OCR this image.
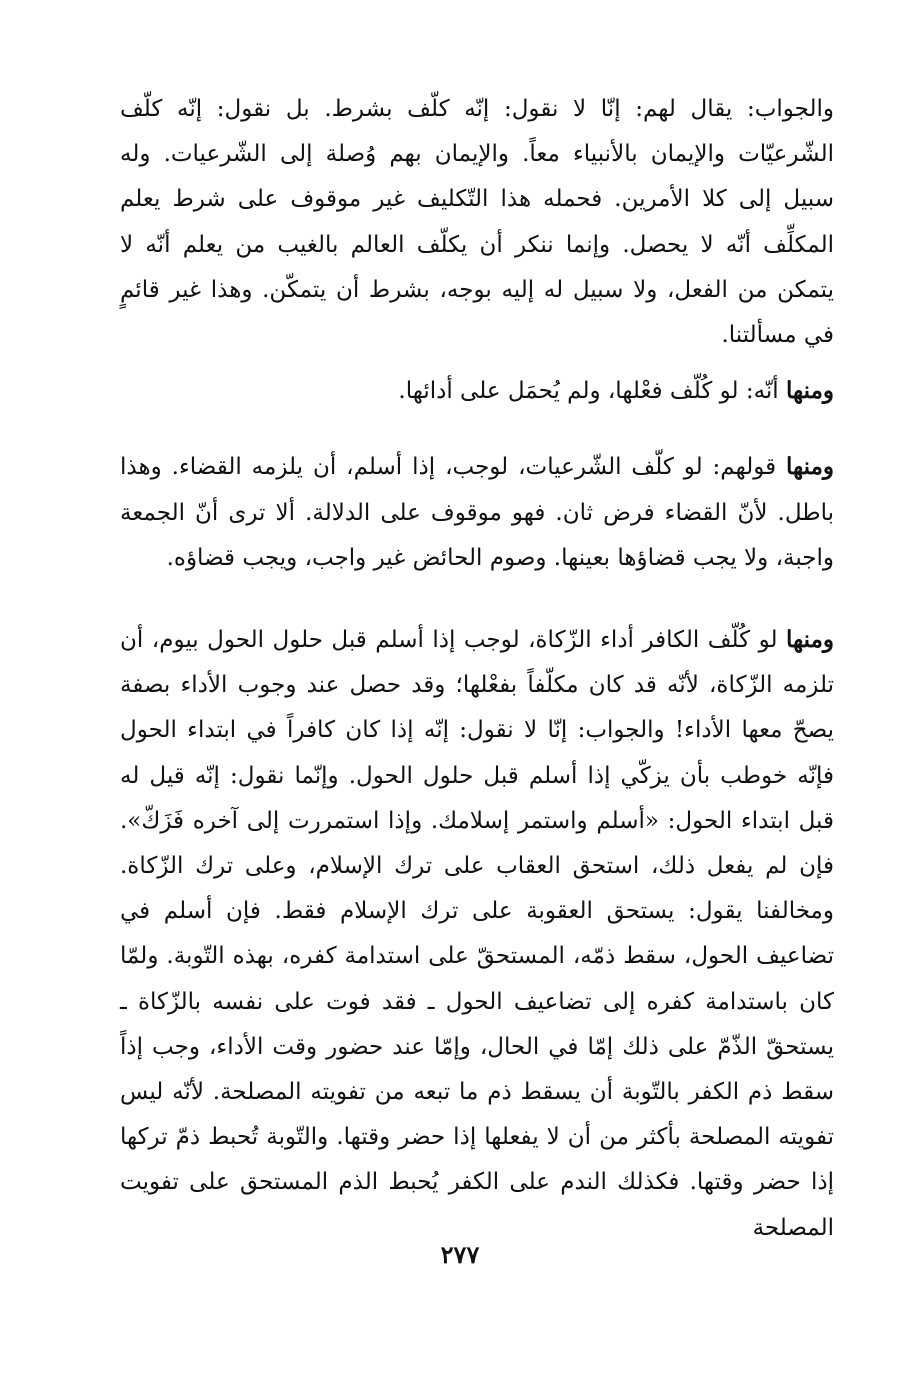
والجواب: يقال لهم: إنّا لا نقول: إنّه كلّف بشرط. بل نقول: إنّه كلّف الشّرعيّات والإيمان بالأنبياء معاً. والإيمان بهم وُصلة إلى الشّرعيات. وله سبيل إلى كلا الأمرين. فحمله هذا التّكليف غير موقوف على شرط يعلم المكلِّف أنّه لا يحصل. وإنما ننكر أن يكلّف العالم بالغيب من يعلم أنّه لا يتمكن من الفعل، ولا سبيل له إليه بوجه، بشرط أن يتمكّن. وهذا غير قائمٍ في مسألتنا.

ومنها أنّه: لو كُلّف فعْلها، ولم يُحمَل على أدائها.

ومنها قولهم: لو كلّف الشّرعيات، لوجب، إذا أسلم، أن يلزمه القضاء. وهذا باطل. لأنّ القضاء فرض ثان. فهو موقوف على الدلالة. ألا ترى أنّ الجمعة واجبة، ولا يجب قضاؤها بعينها. وصوم الحائض غير واجب، ويجب قضاؤه.

ومنها لو كُلّف الكافر أداء الزّكاة، لوجب إذا أسلم قبل حلول الحول بيوم، أن تلزمه الزّكاة، لأنّه قد كان مكلّفاً بفعْلها؛ وقد حصل عند وجوب الأداء بصفة يصحّ معها الأداء! والجواب: إنّا لا نقول: إنّه إذا كان كافراً في ابتداء الحول فإنّه خوطب بأن يزكّي إذا أسلم قبل حلول الحول. وإنّما نقول: إنّه قيل له قبل ابتداء الحول: «أسلم واستمر إسلامك. وإذا استمررت إلى آخره فَزَكّ». فإن لم يفعل ذلك، استحق العقاب على ترك الإسلام، وعلى ترك الزّكاة. ومخالفنا يقول: يستحق العقوبة على ترك الإسلام فقط. فإن أسلم في تضاعيف الحول، سقط ذمّه، المستحقّ على استدامة كفره، بهذه التّوبة. ولمّا كان باستدامة كفره إلى تضاعيف الحول ـ فقد فوت على نفسه بالزّكاة ـ يستحقّ الذّمّ على ذلك إمّا في الحال، وإمّا عند حضور وقت الأداء، وجب إذاً سقط ذم الكفر بالتّوبة أن يسقط ذم ما تبعه من تفويته المصلحة. لأنّه ليس تفويته المصلحة بأكثر من أن لا يفعلها إذا حضر وقتها. والتّوبة تُحبط ذمّ تركها إذا حضر وقتها. فكذلك الندم على الكفر يُحبط الذم المستحق على تفويت المصلحة

٢٧٧
